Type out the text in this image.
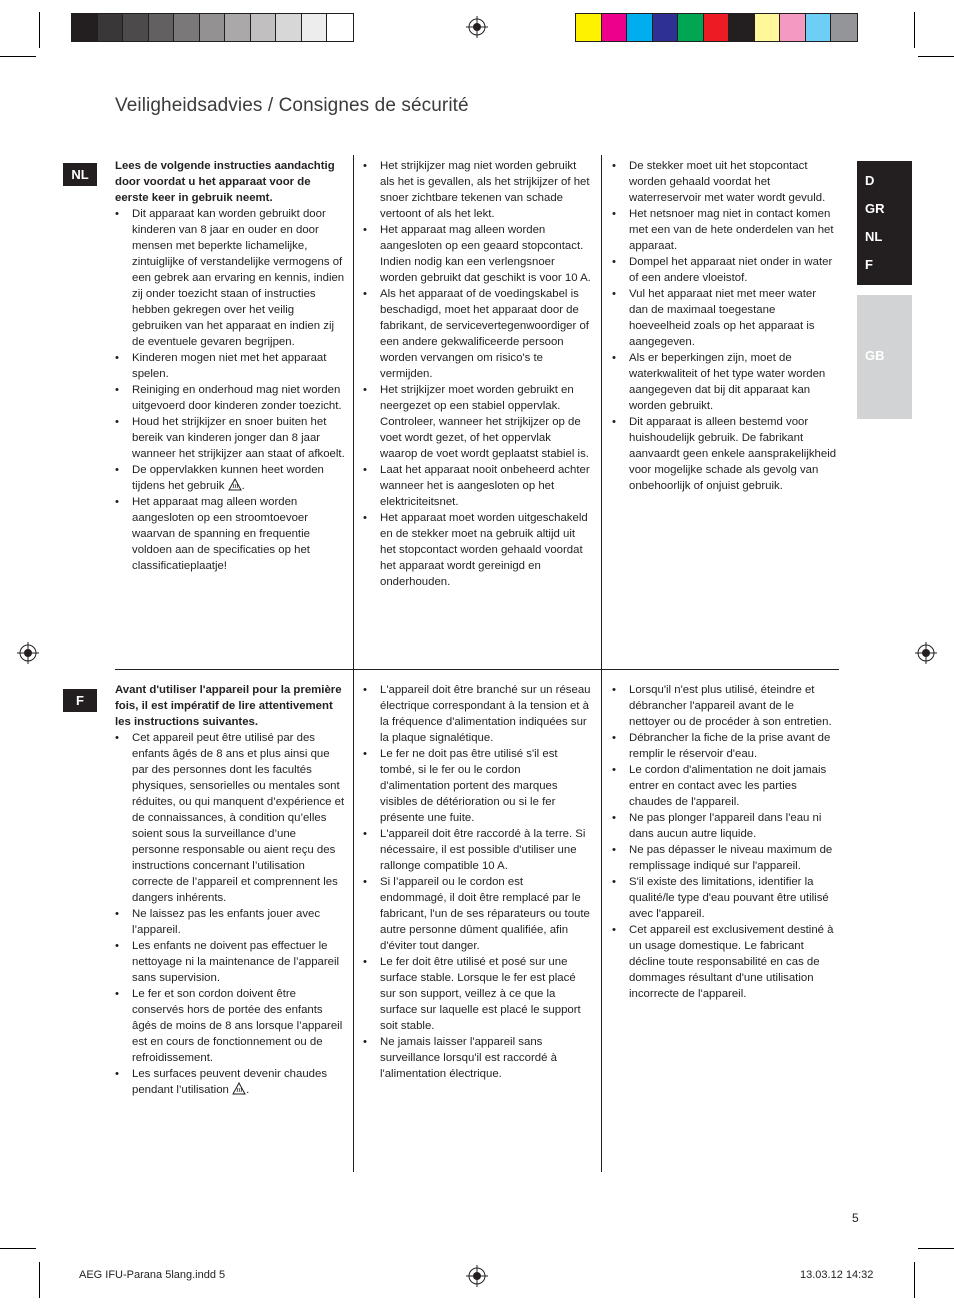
Veiligheidsadvies / Consignes de sécurité
D
GR
NL
F
GB
NL

Lees de volgende instructies aandachtig door voordat u het apparaat voor de eerste keer in gebruik neemt.

• Dit apparaat kan worden gebruikt door kinderen van 8 jaar en ouder en door mensen met beperkte lichamelijke, zintuiglijke of verstandelijke vermogens of een gebrek aan ervaring en kennis, indien zij onder toezicht staan of instructies hebben gekregen over het veilig gebruiken van het apparaat en indien zij de eventuele gevaren begrijpen.
• Kinderen mogen niet met het apparaat spelen.
• Reiniging en onderhoud mag niet worden uitgevoerd door kinderen zonder toezicht.
• Houd het strijkijzer en snoer buiten het bereik van kinderen jonger dan 8 jaar wanneer het strijkijzer aan staat of afkoelt.
• De oppervlakken kunnen heet worden tijdens het gebruik .
• Het apparaat mag alleen worden aangesloten op een stroomtoevoer waarvan de spanning en frequentie voldoen aan de specificaties op het classificatieplaatje!
• Het strijkijzer mag niet worden gebruikt als het is gevallen, als het strijkijzer of het snoer zichtbare tekenen van schade vertoont of als het lekt.
• Het apparaat mag alleen worden aangesloten op een geaard stopcontact. Indien nodig kan een verlengsnoer worden gebruikt dat geschikt is voor 10 A.
• Als het apparaat of de voedingskabel is beschadigd, moet het apparaat door de fabrikant, de servicevertegenwoordiger of een andere gekwalificeerde persoon worden vervangen om risico's te vermijden.
• Het strijkijzer moet worden gebruikt en neergezet op een stabiel oppervlak. Controleer, wanneer het strijkijzer op de voet wordt gezet, of het oppervlak waarop de voet wordt geplaatst stabiel is.
• Laat het apparaat nooit onbeheerd achter wanneer het is aangesloten op het elektriciteitsnet.
• Het apparaat moet worden uitgeschakeld en de stekker moet na gebruik altijd uit het stopcontact worden gehaald voordat het apparaat wordt gereinigd en onderhouden.
• De stekker moet uit het stopcontact worden gehaald voordat het waterreservoir met water wordt gevuld.
• Het netsnoer mag niet in contact komen met een van de hete onderdelen van het apparaat.
• Dompel het apparaat niet onder in water of een andere vloeistof.
• Vul het apparaat niet met meer water dan de maximaal toegestane hoeveelheid zoals op het apparaat is aangegeven.
• Als er beperkingen zijn, moet de waterkwaliteit of het type water worden aangegeven dat bij dit apparaat kan worden gebruikt.
• Dit apparaat is alleen bestemd voor huishoudelijk gebruik. De fabrikant aanvaardt geen enkele aansprakelijkheid voor mogelijke schade als gevolg van onbehoorlijk of onjuist gebruik.
F

Avant d'utiliser l'appareil pour la première fois, il est impératif de lire attentivement les instructions suivantes.

• Cet appareil peut être utilisé par des enfants âgés de 8 ans et plus ainsi que par des personnes dont les facultés physiques, sensorielles ou mentales sont réduites, ou qui manquent d’expérience et de connaissances, à condition qu’elles soient sous la surveillance d’une personne responsable ou aient reçu des instructions concernant l’utilisation correcte de l’appareil et comprennent les dangers inhérents.
• Ne laissez pas les enfants jouer avec l’appareil.
• Les enfants ne doivent pas effectuer le nettoyage ni la maintenance de l’appareil sans supervision.
• Le fer et son cordon doivent être conservés hors de portée des enfants âgés de moins de 8 ans lorsque l’appareil est en cours de fonctionnement ou de refroidissement.
• Les surfaces peuvent devenir chaudes pendant l’utilisation .
• L'appareil doit être branché sur un réseau électrique correspondant à la tension et à la fréquence d'alimentation indiquées sur la plaque signalétique.
• Le fer ne doit pas être utilisé s'il est tombé, si le fer ou le cordon d'alimentation portent des marques visibles de détérioration ou si le fer présente une fuite.
• L'appareil doit être raccordé à la terre. Si nécessaire, il est possible d'utiliser une rallonge compatible 10 A.
• Si l’appareil ou le cordon est endommagé, il doit être remplacé par le fabricant, l'un de ses réparateurs ou toute autre personne dûment qualifiée, afin d'éviter tout danger.
• Le fer doit être utilisé et posé sur une surface stable. Lorsque le fer est placé sur son support, veillez à ce que la surface sur laquelle est placé le support soit stable.
• Ne jamais laisser l'appareil sans surveillance lorsqu'il est raccordé à l'alimentation électrique.
• Lorsqu'il n'est plus utilisé, éteindre et débrancher l'appareil avant de le nettoyer ou de procéder à son entretien.
• Débrancher la fiche de la prise avant de remplir le réservoir d'eau.
• Le cordon d'alimentation ne doit jamais entrer en contact avec les parties chaudes de l'appareil.
• Ne pas plonger l'appareil dans l'eau ni dans aucun autre liquide.
• Ne pas dépasser le niveau maximum de remplissage indiqué sur l'appareil.
• S'il existe des limitations, identifier la qualité/le type d'eau pouvant être utilisé avec l'appareil.
• Cet appareil est exclusivement destiné à un usage domestique. Le fabricant décline toute responsabilité en cas de dommages résultant d'une utilisation incorrecte de l'appareil.
5
AEG IFU-Parana 5lang.indd 5	13.03.12 14:32
